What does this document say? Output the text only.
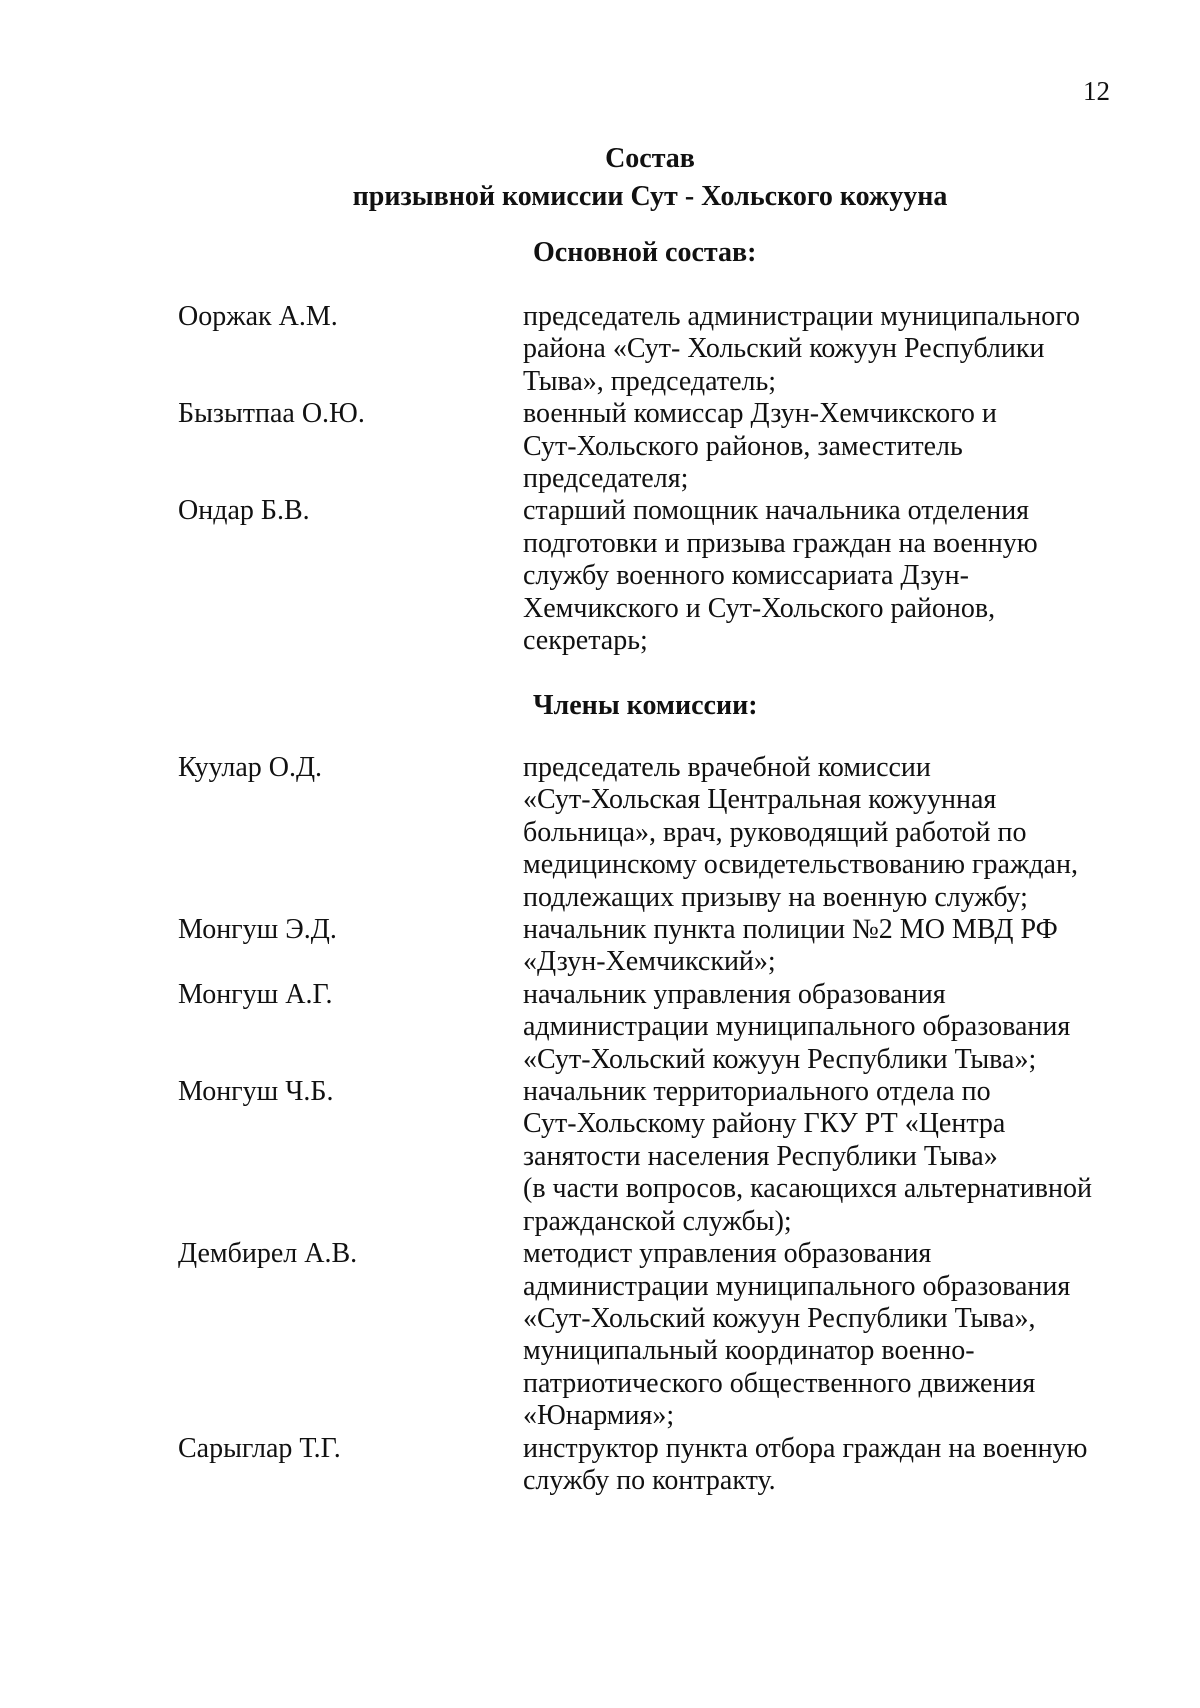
12
Состав
призывной комиссии Сут - Хольского кожууна
Основной состав:
Ооржак А.М.	председатель администрации муниципального
района «Сут- Хольский кожуун Республики
Тыва», председатель;
Бызытпаа О.Ю.	военный комиссар Дзун-Хемчикского и
Сут-Хольского районов, заместитель
председателя;
Ондар Б.В.	старший помощник начальника отделения
подготовки и призыва граждан на военную
службу военного комиссариата Дзун-
Хемчикского и Сут-Хольского районов,
секретарь;
Члены комиссии:
Куулар О.Д.	председатель врачебной комиссии
«Сут-Хольская Центральная кожуунная
больница», врач, руководящий работой по
медицинскому освидетельствованию граждан,
подлежащих призыву на военную службу;
Монгуш Э.Д.	начальник пункта полиции №2 МО МВД РФ
«Дзун-Хемчикский»;
Монгуш А.Г.	начальник управления образования
администрации муниципального образования
«Сут-Хольский кожуун Республики Тыва»;
Монгуш Ч.Б.	начальник территориального отдела по
Сут-Хольскому району ГКУ РТ «Центра
занятости населения Республики Тыва»
(в части вопросов, касающихся альтернативной
гражданской службы);
Дембирел А.В.	методист управления образования
администрации муниципального образования
«Сут-Хольский кожуун Республики Тыва»,
муниципальный координатор военно-
патриотического общественного движения
«Юнармия»;
Сарыглар Т.Г.	инструктор пункта отбора граждан на военную
службу по контракту.
